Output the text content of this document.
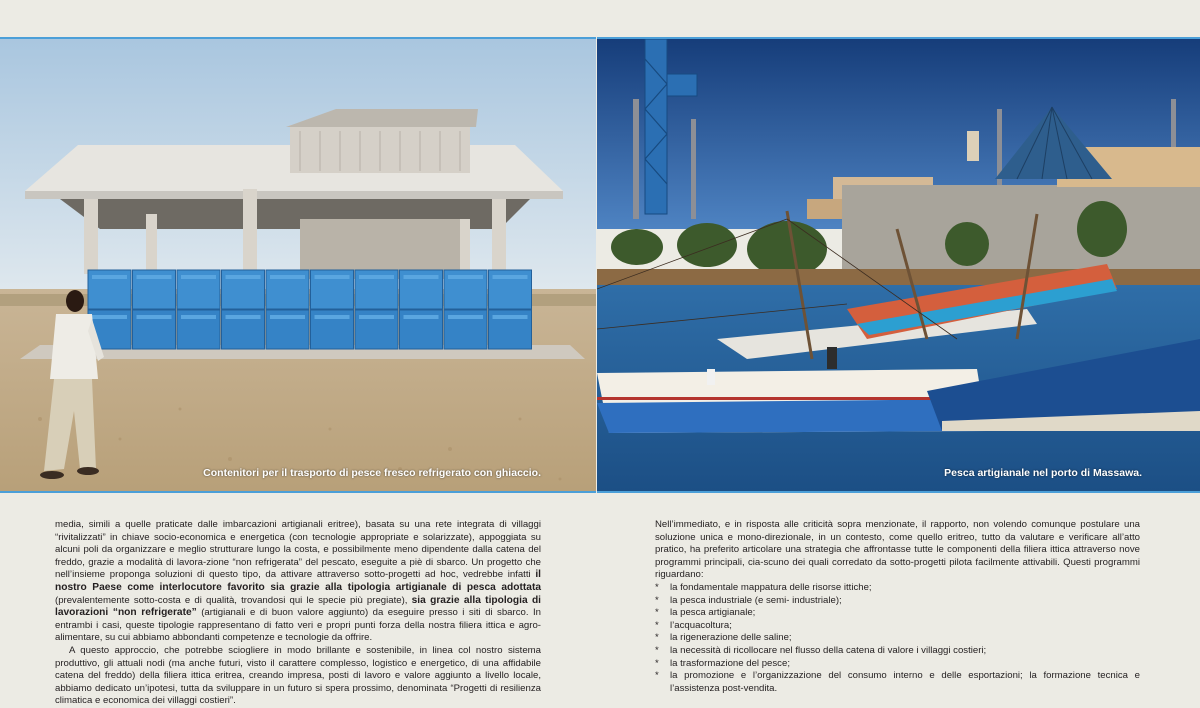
Contenitori per il trasporto di pesce fresco refrigerato con ghiaccio.	Pesca artigianale nel porto di Massawa.

media, simili a quelle praticate dalle imbarcazioni artigianali eritree), basata su una rete integrata di villaggi “rivitalizzati” in chiave socio-economica e energetica (con tecnologie appropriate e solarizzate), appoggiata su alcuni poli da organizzare e meglio strutturare lungo la costa, e possibilmente meno dipendente dalla catena del freddo, grazie a modalità di lavora-zione “non refrigerata” del pescato, eseguite a piè di sbarco. Un progetto che nell’insieme proponga soluzioni di questo tipo, da attivare attraverso sotto-progetti ad hoc, vedrebbe infatti il nostro Paese come interlocutore favorito sia grazie alla tipologia artigianale di pesca adottata (prevalentemente sotto-costa e di qualità, trovandosi qui le specie più pregiate), sia grazie alla tipologia di lavorazioni “non refrigerate” (artigianali e di buon valore aggiunto) da eseguire presso i siti di sbarco. In entrambi i casi, queste tipologie rappresentano di fatto veri e propri punti forza della nostra filiera ittica e agro-alimentare, su cui abbiamo abbondanti competenze e tecnologie da offrire.

A questo approccio, che potrebbe sciogliere in modo brillante e sostenibile, in linea col nostro sistema produttivo, gli attuali nodi (ma anche futuri, visto il carattere complesso, logistico e energetico, di una affidabile catena del freddo) della filiera ittica eritrea, creando impresa, posti di lavoro e valore aggiunto a livello locale, abbiamo dedicato un’ipotesi, tutta da sviluppare in un futuro si spera prossimo, denominata “Progetti di resilienza climatica e economica dei villaggi costieri”.

Nell’immediato, e in risposta alle criticità sopra menzionate, il rapporto, non volendo comunque postulare una soluzione unica e mono-direzionale, in un contesto, come quello eritreo, tutto da valutare e verificare all’atto pratico, ha preferito articolare una strategia che affrontasse tutte le componenti della filiera ittica attraverso nove programmi principali, cia-scuno dei quali corredato da sotto-progetti pilota facilmente attivabili. Questi programmi riguardano:

* la fondamentale mappatura delle risorse ittiche;
* la pesca industriale (e semi- industriale);
* la pesca artigianale;
* l’acquacoltura;
* la rigenerazione delle saline;
* la necessità di ricollocare nel flusso della catena di valore i villaggi costieri;
* la trasformazione del pesce;
* la promozione e l’organizzazione del consumo interno e delle esportazioni; la formazione tecnica e l’assistenza post-vendita.
